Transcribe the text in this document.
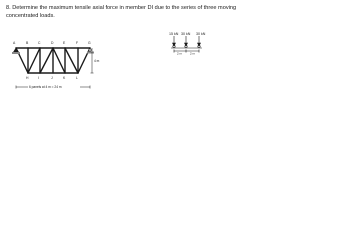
8. Determine the maximum tensile axial force in member DI due to the series of three moving concentrated loads.
15 kN 30 kN 30 kN
2 m	2 m
A	B	C	D	E	F	G
H	I	J	K	L
4 m
6 panels at 4 m = 24 m
